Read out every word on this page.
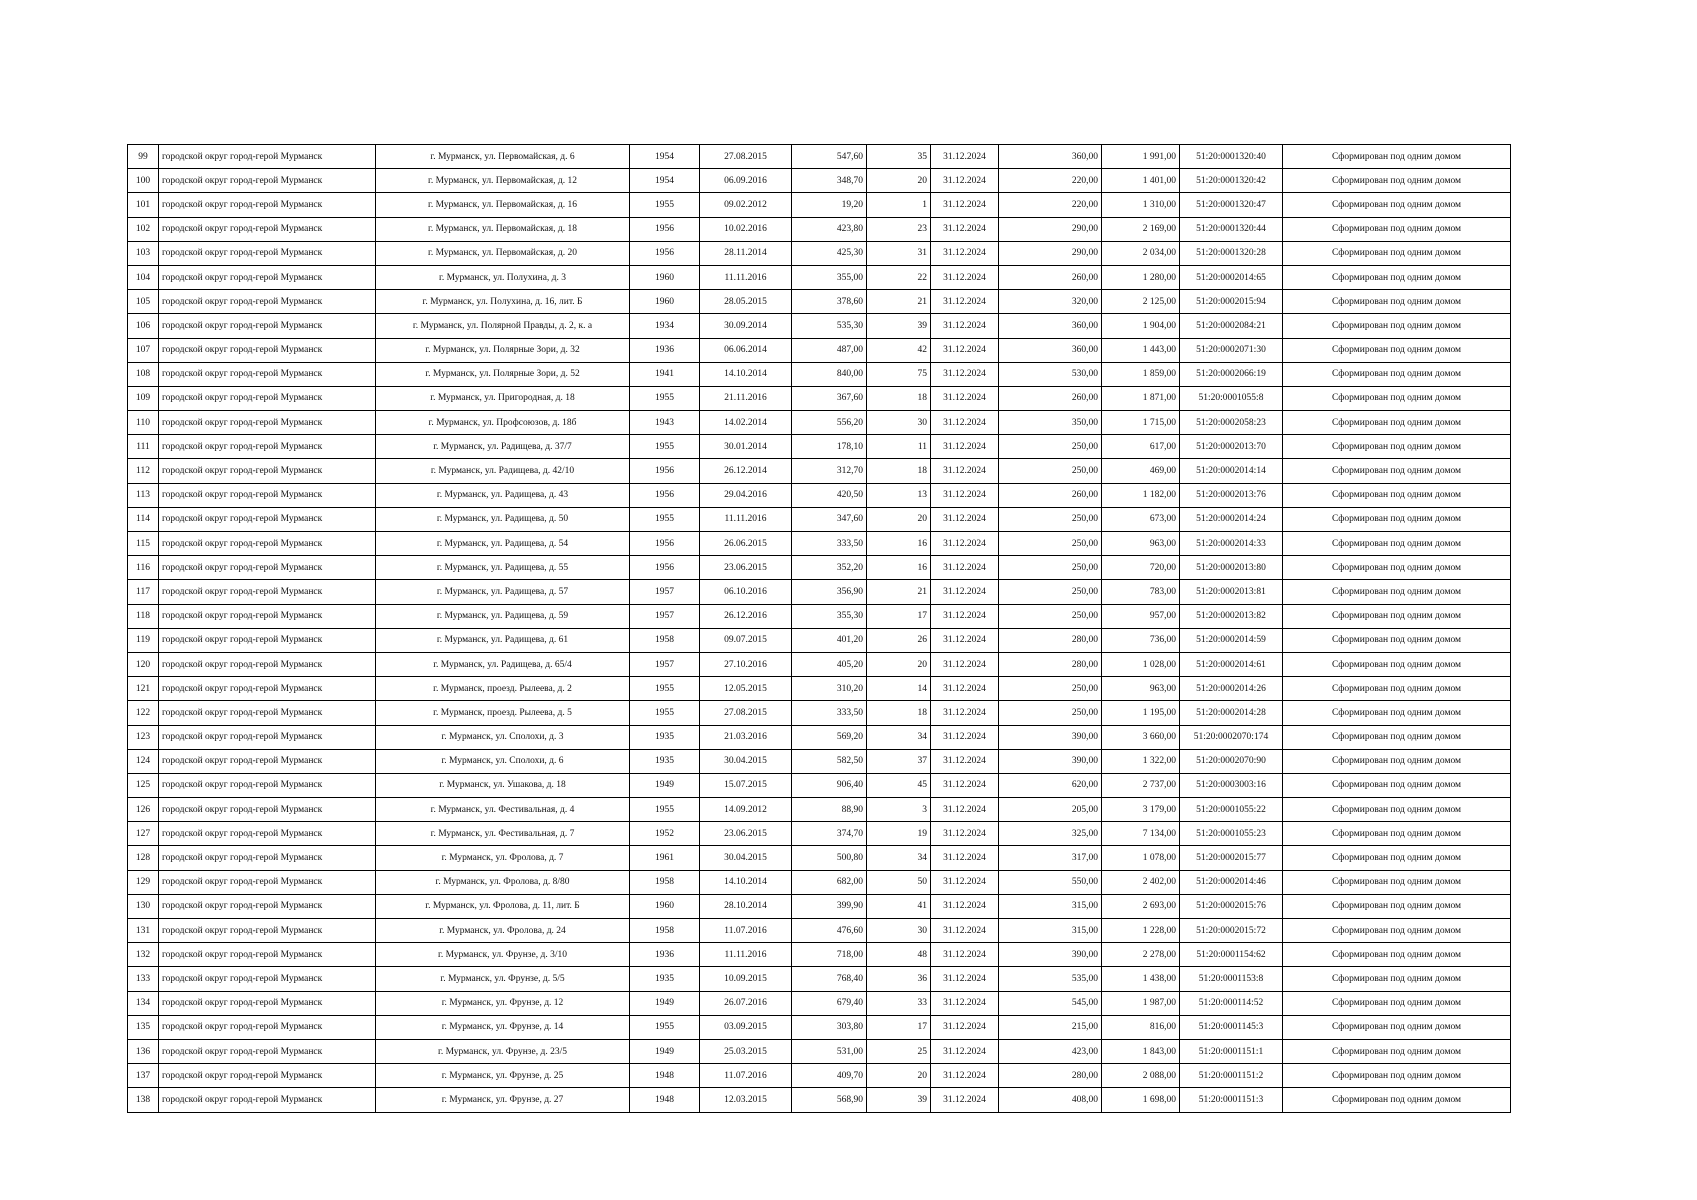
99	городской округ город-герой Мурманск	г. Мурманск, ул. Первомайская, д. 6	1954	27.08.2015	547,60	35	31.12.2024	360,00	1 991,00	51:20:0001320:40	Сформирован под одним домом
100	городской округ город-герой Мурманск	г. Мурманск, ул. Первомайская, д. 12	1954	06.09.2016	348,70	20	31.12.2024	220,00	1 401,00	51:20:0001320:42	Сформирован под одним домом
101	городской округ город-герой Мурманск	г. Мурманск, ул. Первомайская, д. 16	1955	09.02.2012	19,20	1	31.12.2024	220,00	1 310,00	51:20:0001320:47	Сформирован под одним домом
102	городской округ город-герой Мурманск	г. Мурманск, ул. Первомайская, д. 18	1956	10.02.2016	423,80	23	31.12.2024	290,00	2 169,00	51:20:0001320:44	Сформирован под одним домом
103	городской округ город-герой Мурманск	г. Мурманск, ул. Первомайская, д. 20	1956	28.11.2014	425,30	31	31.12.2024	290,00	2 034,00	51:20:0001320:28	Сформирован под одним домом
104	городской округ город-герой Мурманск	г. Мурманск, ул. Полухина, д. 3	1960	11.11.2016	355,00	22	31.12.2024	260,00	1 280,00	51:20:0002014:65	Сформирован под одним домом
105	городской округ город-герой Мурманск	г. Мурманск, ул. Полухина, д. 16, лит. Б	1960	28.05.2015	378,60	21	31.12.2024	320,00	2 125,00	51:20:0002015:94	Сформирован под одним домом
106	городской округ город-герой Мурманск	г. Мурманск, ул. Полярной Правды, д. 2, к. а	1934	30.09.2014	535,30	39	31.12.2024	360,00	1 904,00	51:20:0002084:21	Сформирован под одним домом
107	городской округ город-герой Мурманск	г. Мурманск, ул. Полярные Зори, д. 32	1936	06.06.2014	487,00	42	31.12.2024	360,00	1 443,00	51:20:0002071:30	Сформирован под одним домом
108	городской округ город-герой Мурманск	г. Мурманск, ул. Полярные Зори, д. 52	1941	14.10.2014	840,00	75	31.12.2024	530,00	1 859,00	51:20:0002066:19	Сформирован под одним домом
109	городской округ город-герой Мурманск	г. Мурманск, ул. Пригородная, д. 18	1955	21.11.2016	367,60	18	31.12.2024	260,00	1 871,00	51:20:0001055:8	Сформирован под одним домом
110	городской округ город-герой Мурманск	г. Мурманск, ул. Профсоюзов, д. 18б	1943	14.02.2014	556,20	30	31.12.2024	350,00	1 715,00	51:20:0002058:23	Сформирован под одним домом
111	городской округ город-герой Мурманск	г. Мурманск, ул. Радищева, д. 37/7	1955	30.01.2014	178,10	11	31.12.2024	250,00	617,00	51:20:0002013:70	Сформирован под одним домом
112	городской округ город-герой Мурманск	г. Мурманск, ул. Радищева, д. 42/10	1956	26.12.2014	312,70	18	31.12.2024	250,00	469,00	51:20:0002014:14	Сформирован под одним домом
113	городской округ город-герой Мурманск	г. Мурманск, ул. Радищева, д. 43	1956	29.04.2016	420,50	13	31.12.2024	260,00	1 182,00	51:20:0002013:76	Сформирован под одним домом
114	городской округ город-герой Мурманск	г. Мурманск, ул. Радищева, д. 50	1955	11.11.2016	347,60	20	31.12.2024	250,00	673,00	51:20:0002014:24	Сформирован под одним домом
115	городской округ город-герой Мурманск	г. Мурманск, ул. Радищева, д. 54	1956	26.06.2015	333,50	16	31.12.2024	250,00	963,00	51:20:0002014:33	Сформирован под одним домом
116	городской округ город-герой Мурманск	г. Мурманск, ул. Радищева, д. 55	1956	23.06.2015	352,20	16	31.12.2024	250,00	720,00	51:20:0002013:80	Сформирован под одним домом
117	городской округ город-герой Мурманск	г. Мурманск, ул. Радищева, д. 57	1957	06.10.2016	356,90	21	31.12.2024	250,00	783,00	51:20:0002013:81	Сформирован под одним домом
118	городской округ город-герой Мурманск	г. Мурманск, ул. Радищева, д. 59	1957	26.12.2016	355,30	17	31.12.2024	250,00	957,00	51:20:0002013:82	Сформирован под одним домом
119	городской округ город-герой Мурманск	г. Мурманск, ул. Радищева, д. 61	1958	09.07.2015	401,20	26	31.12.2024	280,00	736,00	51:20:0002014:59	Сформирован под одним домом
120	городской округ город-герой Мурманск	г. Мурманск, ул. Радищева, д. 65/4	1957	27.10.2016	405,20	20	31.12.2024	280,00	1 028,00	51:20:0002014:61	Сформирован под одним домом
121	городской округ город-герой Мурманск	г. Мурманск, проезд. Рылеева, д. 2	1955	12.05.2015	310,20	14	31.12.2024	250,00	963,00	51:20:0002014:26	Сформирован под одним домом
122	городской округ город-герой Мурманск	г. Мурманск, проезд. Рылеева, д. 5	1955	27.08.2015	333,50	18	31.12.2024	250,00	1 195,00	51:20:0002014:28	Сформирован под одним домом
123	городской округ город-герой Мурманск	г. Мурманск, ул. Сполохи, д. 3	1935	21.03.2016	569,20	34	31.12.2024	390,00	3 660,00	51:20:0002070:174	Сформирован под одним домом
124	городской округ город-герой Мурманск	г. Мурманск, ул. Сполохи, д. 6	1935	30.04.2015	582,50	37	31.12.2024	390,00	1 322,00	51:20:0002070:90	Сформирован под одним домом
125	городской округ город-герой Мурманск	г. Мурманск, ул. Ушакова, д. 18	1949	15.07.2015	906,40	45	31.12.2024	620,00	2 737,00	51:20:0003003:16	Сформирован под одним домом
126	городской округ город-герой Мурманск	г. Мурманск, ул. Фестивальная, д. 4	1955	14.09.2012	88,90	3	31.12.2024	205,00	3 179,00	51:20:0001055:22	Сформирован под одним домом
127	городской округ город-герой Мурманск	г. Мурманск, ул. Фестивальная, д. 7	1952	23.06.2015	374,70	19	31.12.2024	325,00	7 134,00	51:20:0001055:23	Сформирован под одним домом
128	городской округ город-герой Мурманск	г. Мурманск, ул. Фролова, д. 7	1961	30.04.2015	500,80	34	31.12.2024	317,00	1 078,00	51:20:0002015:77	Сформирован под одним домом
129	городской округ город-герой Мурманск	г. Мурманск, ул. Фролова, д. 8/80	1958	14.10.2014	682,00	50	31.12.2024	550,00	2 402,00	51:20:0002014:46	Сформирован под одним домом
130	городской округ город-герой Мурманск	г. Мурманск, ул. Фролова, д. 11, лит. Б	1960	28.10.2014	399,90	41	31.12.2024	315,00	2 693,00	51:20:0002015:76	Сформирован под одним домом
131	городской округ город-герой Мурманск	г. Мурманск, ул. Фролова, д. 24	1958	11.07.2016	476,60	30	31.12.2024	315,00	1 228,00	51:20:0002015:72	Сформирован под одним домом
132	городской округ город-герой Мурманск	г. Мурманск, ул. Фрунзе, д. 3/10	1936	11.11.2016	718,00	48	31.12.2024	390,00	2 278,00	51:20:0001154:62	Сформирован под одним домом
133	городской округ город-герой Мурманск	г. Мурманск, ул. Фрунзе, д. 5/5	1935	10.09.2015	768,40	36	31.12.2024	535,00	1 438,00	51:20:0001153:8	Сформирован под одним домом
134	городской округ город-герой Мурманск	г. Мурманск, ул. Фрунзе, д. 12	1949	26.07.2016	679,40	33	31.12.2024	545,00	1 987,00	51:20:000114:52	Сформирован под одним домом
135	городской округ город-герой Мурманск	г. Мурманск, ул. Фрунзе, д. 14	1955	03.09.2015	303,80	17	31.12.2024	215,00	816,00	51:20:0001145:3	Сформирован под одним домом
136	городской округ город-герой Мурманск	г. Мурманск, ул. Фрунзе, д. 23/5	1949	25.03.2015	531,00	25	31.12.2024	423,00	1 843,00	51:20:0001151:1	Сформирован под одним домом
137	городской округ город-герой Мурманск	г. Мурманск, ул. Фрунзе, д. 25	1948	11.07.2016	409,70	20	31.12.2024	280,00	2 088,00	51:20:0001151:2	Сформирован под одним домом
138	городской округ город-герой Мурманск	г. Мурманск, ул. Фрунзе, д. 27	1948	12.03.2015	568,90	39	31.12.2024	408,00	1 698,00	51:20:0001151:3	Сформирован под одним домом
